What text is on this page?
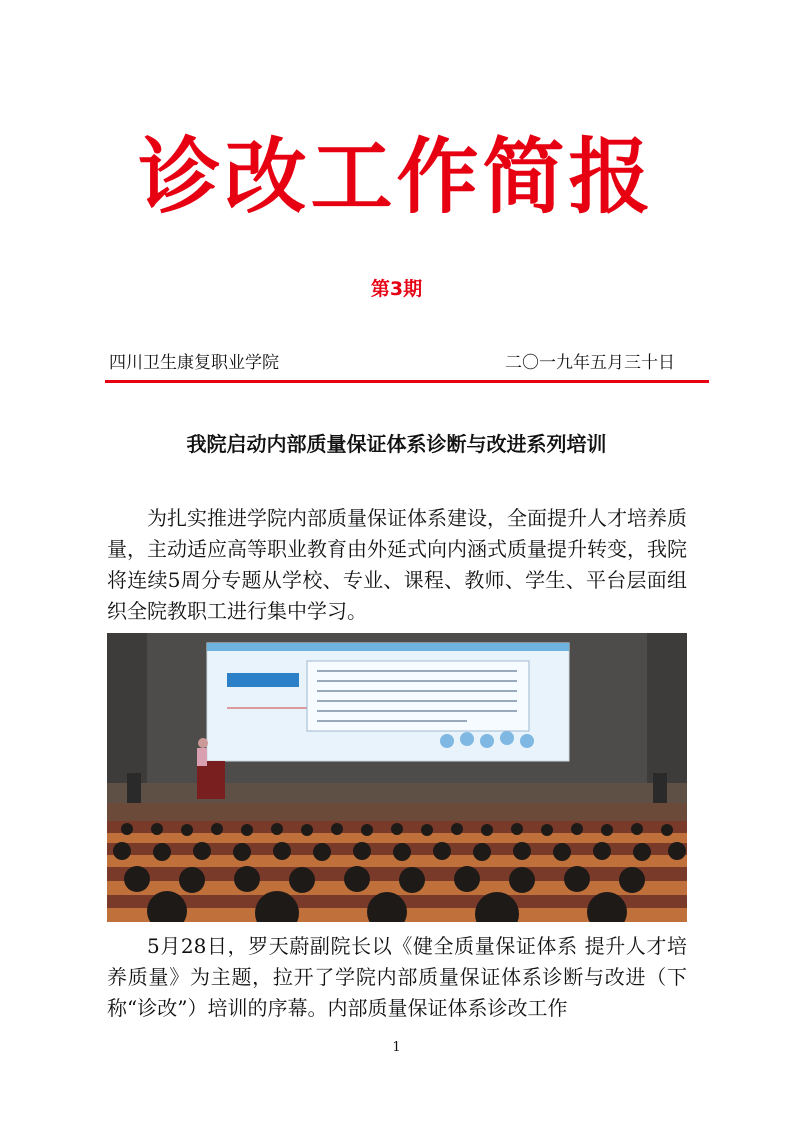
诊改工作简报
第3期
四川卫生康复职业学院	二〇一九年五月三十日
我院启动内部质量保证体系诊断与改进系列培训

为扎实推进学院内部质量保证体系建设，全面提升人才培养质量，主动适应高等职业教育由外延式向内涵式质量提升转变，我院将连续5周分专题从学校、专业、课程、教师、学生、平台层面组织全院教职工进行集中学习。

5月28日，罗天蔚副院长以《健全质量保证体系 提升人才培养质量》为主题，拉开了学院内部质量保证体系诊断与改进（下称“诊改”）培训的序幕。内部质量保证体系诊改工作

1
